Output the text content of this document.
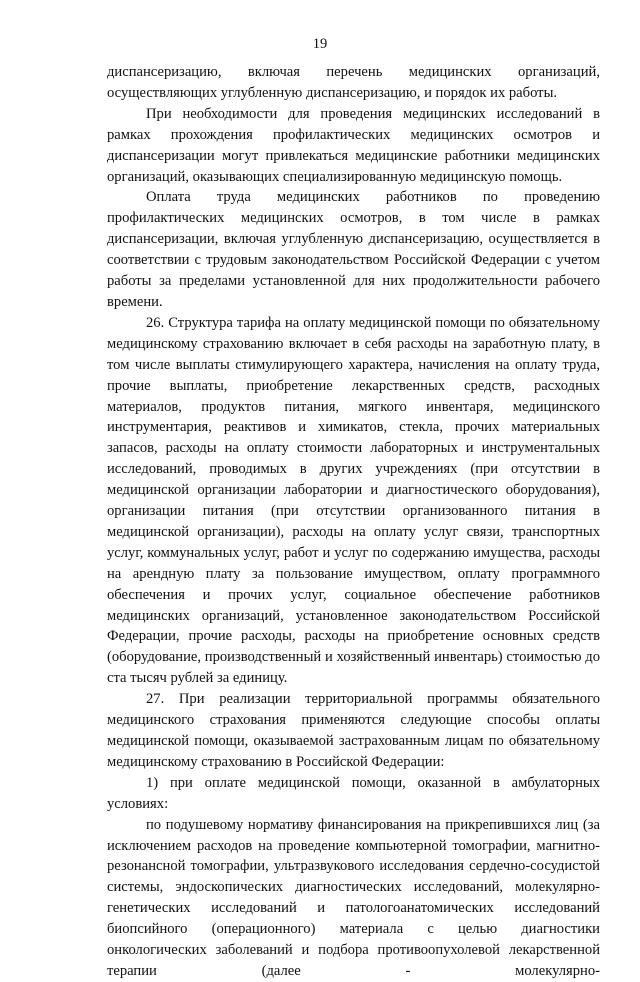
19

диспансеризацию, включая перечень медицинских организаций, осуществляющих углубленную диспансеризацию, и порядок их работы.

При необходимости для проведения медицинских исследований в рамках прохождения профилактических медицинских осмотров и диспансеризации могут привлекаться медицинские работники медицинских организаций, оказывающих специализированную медицинскую помощь.

Оплата труда медицинских работников по проведению профилактических медицинских осмотров, в том числе в рамках диспансеризации, включая углубленную диспансеризацию, осуществляется в соответствии с трудовым законодательством Российской Федерации с учетом работы за пределами установленной для них продолжительности рабочего времени.

26. Структура тарифа на оплату медицинской помощи по обязательному медицинскому страхованию включает в себя расходы на заработную плату, в том числе выплаты стимулирующего характера, начисления на оплату труда, прочие выплаты, приобретение лекарственных средств, расходных материалов, продуктов питания, мягкого инвентаря, медицинского инструментария, реактивов и химикатов, стекла, прочих материальных запасов, расходы на оплату стоимости лабораторных и инструментальных исследований, проводимых в других учреждениях (при отсутствии в медицинской организации лаборатории и диагностического оборудования), организации питания (при отсутствии организованного питания в медицинской организации), расходы на оплату услуг связи, транспортных услуг, коммунальных услуг, работ и услуг по содержанию имущества, расходы на арендную плату за пользование имуществом, оплату программного обеспечения и прочих услуг, социальное обеспечение работников медицинских организаций, установленное законодательством Российской Федерации, прочие расходы, расходы на приобретение основных средств (оборудование, производственный и хозяйственный инвентарь) стоимостью до ста тысяч рублей за единицу.

27. При реализации территориальной программы обязательного медицинского страхования применяются следующие способы оплаты медицинской помощи, оказываемой застрахованным лицам по обязательному медицинскому страхованию в Российской Федерации:

1) при оплате медицинской помощи, оказанной в амбулаторных условиях:

по подушевому нормативу финансирования на прикрепившихся лиц (за исключением расходов на проведение компьютерной томографии, магнитно-резонансной томографии, ультразвукового исследования сердечно-сосудистой системы, эндоскопических диагностических исследований, молекулярно-генетических исследований и патологоанатомических исследований биопсийного (операционного) материала с целью диагностики онкологических заболеваний и подбора противоопухолевой лекарственной терапии (далее - молекулярно-
